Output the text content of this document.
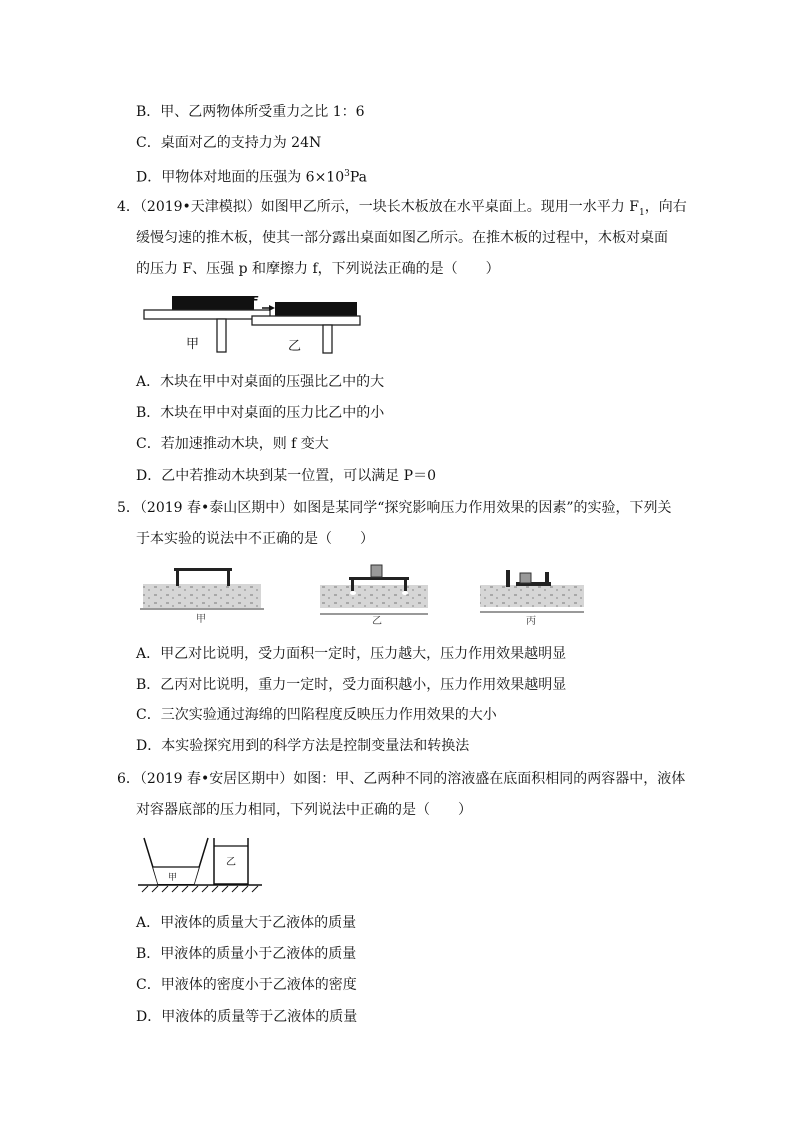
B．甲、乙两物体所受重力之比 1：6
C．桌面对乙的支持力为 24N
D．甲物体对地面的压强为 $6\times 10^3Pa$
4．（2019•天津模拟）如图甲乙所示，一块长木板放在水平桌面上。现用一水平力 $F_1$，向右
缓慢匀速的推木板，使其一部分露出桌面如图乙所示。在推木板的过程中，木板对桌面
的压力 F、压强 p 和摩擦力 f，下列说法正确的是（　　）
F
甲	乙
A．木块在甲中对桌面的压强比乙中的大
B．木块在甲中对桌面的压力比乙中的小
C．若加速推动木块，则 f 变大
D．乙中若推动木块到某一位置，可以满足 P＝0
5．（2019 春•泰山区期中）如图是某同学“探究影响压力作用效果的因素”的实验，下列关
于本实验的说法中不正确的是（　　）
甲	乙	丙
A．甲乙对比说明，受力面积一定时，压力越大，压力作用效果越明显
B．乙丙对比说明，重力一定时，受力面积越小，压力作用效果越明显
C．三次实验通过海绵的凹陷程度反映压力作用效果的大小
D．本实验探究用到的科学方法是控制变量法和转换法
6．（2019 春•安居区期中）如图：甲、乙两种不同的溶液盛在底面积相同的两容器中，液体
对容器底部的压力相同，下列说法中正确的是（　　）
甲
乙
A．甲液体的质量大于乙液体的质量
B．甲液体的质量小于乙液体的质量
C．甲液体的密度小于乙液体的密度
D．甲液体的质量等于乙液体的质量
